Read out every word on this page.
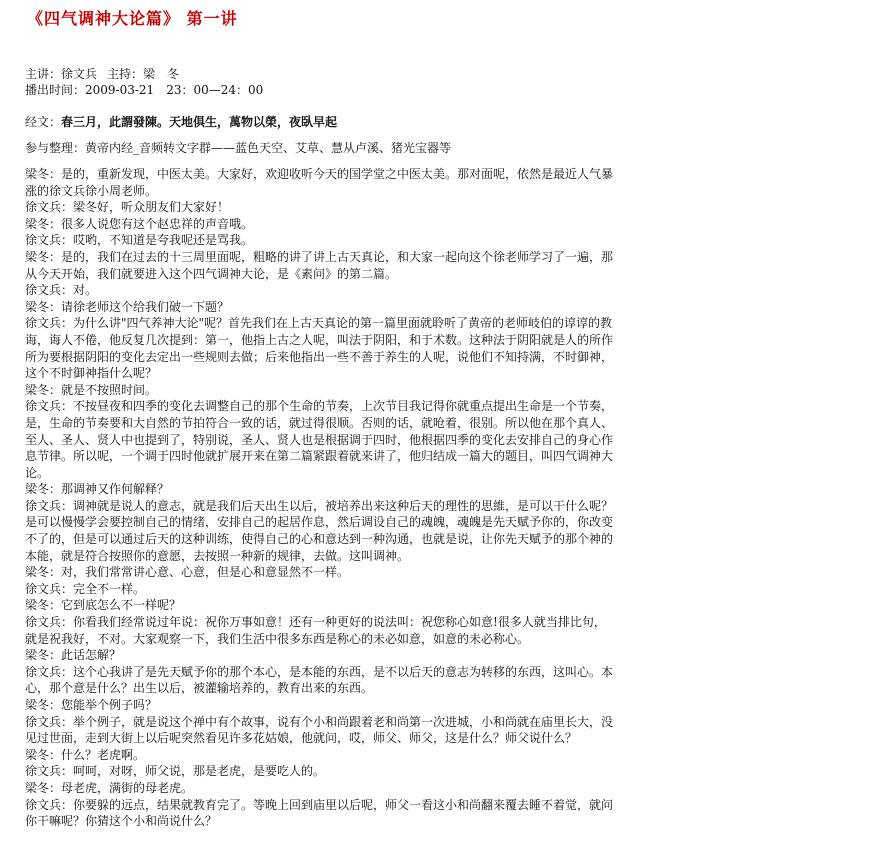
《四气调神大论篇》 第一讲
主讲：徐文兵 主持：梁　冬
播出时间：2009-03-21　23：00—24：00
经文：春三月，此謂發陳。天地俱生，萬物以榮，夜臥早起
参与整理：黄帝内经_音频转文字群——蓝色天空、艾草、慧从卢溪、猪光宝器等
梁冬：是的，重新发现，中医太美。大家好，欢迎收听今天的国学堂之中医太美。那对面呢，依然是最近人气暴
涨的徐文兵徐小周老师。
徐文兵：梁冬好，听众朋友们大家好！
梁冬：很多人说您有这个赵忠祥的声音哦。
徐文兵：哎哟，不知道是夸我呢还是骂我。
梁冬：是的，我们在过去的十三周里面呢，粗略的讲了讲上古天真论，和大家一起向这个徐老师学习了一遍，那
从今天开始，我们就要进入这个四气调神大论，是《素问》的第二篇。
徐文兵：对。
梁冬：请徐老师这个给我们破一下题？
徐文兵：为什么讲"四气养神大论"呢？首先我们在上古天真论的第一篇里面就聆听了黄帝的老师岐伯的谆谆的教
诲，诲人不倦，他反复几次提到：第一，他指上古之人呢，叫法于阴阳，和于术数。这种法于阴阳就是人的所作
所为要根据阴阳的变化去定出一些规则去做；后来他指出一些不善于养生的人呢，说他们不知持满，不时御神，
这个不时御神指什么呢？
梁冬：就是不按照时间。
徐文兵：不按昼夜和四季的变化去调整自己的那个生命的节奏，上次节目我记得你就重点提出生命是一个节奏，
是，生命的节奏要和大自然的节拍符合一致的话，就过得很顺。否则的话，就呛着，很别。所以他在那个真人、
至人、圣人、贤人中也提到了，特别说，圣人、贤人也是根据调于四时，他根据四季的变化去安排自己的身心作
息节律。所以呢，一个调于四时他就扩展开来在第二篇紧跟着就来讲了，他归结成一篇大的题目，叫四气调神大
论。
梁冬：那调神又作何解释？
徐文兵：调神就是说人的意志，就是我们后天出生以后，被培养出来这种后天的理性的思維，是可以干什么呢？
是可以慢慢学会要控制自己的情绪，安排自己的起居作息，然后调设自己的魂魄，魂魄是先天赋予你的，你改变
不了的，但是可以通过后天的这种训练，使得自己的心和意达到一种沟通，也就是说，让你先天赋予的那个神的
本能，就是符合按照你的意愿，去按照一种新的规律，去做。这叫调神。
梁冬：对，我们常常讲心意、心意，但是心和意显然不一样。
徐文兵：完全不一样。
梁冬：它到底怎么不一样呢？
徐文兵：你看我们经常说过年说：祝你万事如意！还有一种更好的说法叫：祝您称心如意!很多人就当排比句，
就是祝我好，不对。大家观察一下，我们生活中很多东西是称心的未必如意，如意的未必称心。
梁冬：此话怎解？
徐文兵：这个心我讲了是先天赋予你的那个本心，是本能的东西，是不以后天的意志为转移的东西，这叫心。本
心，那个意是什么？出生以后，被灌输培养的，教育出来的东西。
梁冬：您能举个例子吗？
徐文兵：举个例子，就是说这个禅中有个故事，说有个小和尚跟着老和尚第一次进城，小和尚就在庙里长大，没
见过世面，走到大街上以后呢突然看见许多花姑娘，他就问，哎，师父、师父，这是什么？师父说什么？
梁冬：什么？老虎啊。
徐文兵：呵呵，对呀，师父说，那是老虎，是要吃人的。
梁冬：母老虎，满街的母老虎。
徐文兵：你要躲的远点，结果就教育完了。等晚上回到庙里以后呢，师父一看这小和尚翻来覆去睡不着觉，就问
你干嘛呢？你猜这个小和尚说什么？
